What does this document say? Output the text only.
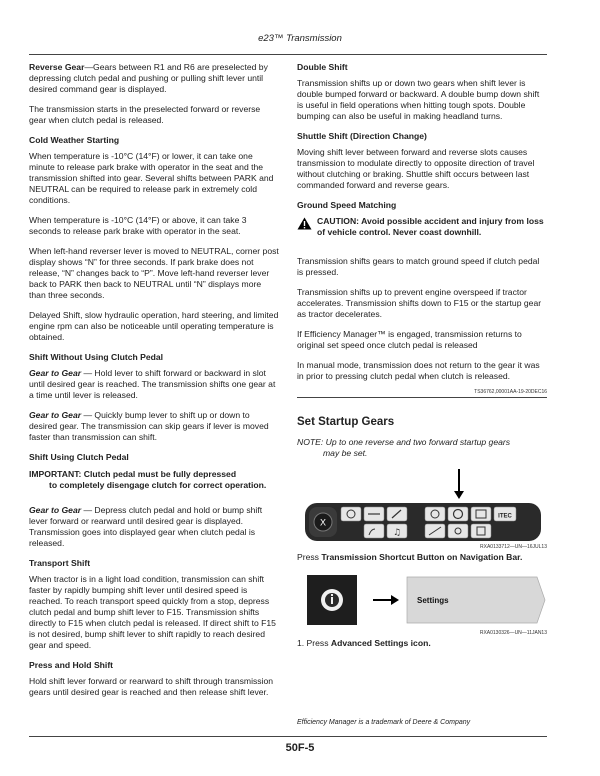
e23™ Transmission

Reverse Gear—Gears between R1 and R6 are preselected by depressing clutch pedal and pushing or pulling shift lever until desired command gear is displayed.

The transmission starts in the preselected forward or reverse gear when clutch pedal is released.

Cold Weather Starting

When temperature is -10°C (14°F) or lower, it can take one minute to release park brake with operator in the seat and the transmission shifted into gear. Several shifts between PARK and NEUTRAL can be required to release park in extremely cold conditions.

When temperature is -10°C (14°F) or above, it can take 3 seconds to release park brake with operator in the seat.

When left-hand reverser lever is moved to NEUTRAL, corner post display shows “N” for three seconds. If park brake does not release, “N” changes back to “P”. Move left-hand reverser lever back to PARK then back to NEUTRAL until “N” displays more than three seconds.

Delayed Shift, slow hydraulic operation, hard steering, and limited engine rpm can also be noticeable until operating temperature is obtained.

Shift Without Using Clutch Pedal

Gear to Gear — Hold lever to shift forward or backward in slot until desired gear is reached. The transmission shifts one gear at a time until lever is released.

Gear to Gear — Quickly bump lever to shift up or down to desired gear. The transmission can skip gears if lever is moved faster than transmission can shift.

Shift Using Clutch Pedal
IMPORTANT: Clutch pedal must be fully depressed
to completely disengage clutch for correct operation.

Gear to Gear — Depress clutch pedal and hold or bump shift lever forward or rearward until desired gear is displayed. Transmission goes into displayed gear when clutch pedal is released.

Transport Shift

When tractor is in a light load condition, transmission can shift faster by rapidly bumping shift lever until desired speed is reached. To reach transport speed quickly from a stop, depress clutch pedal and bump shift lever to F15. Transmission shifts directly to F15 when clutch pedal is released. If direct shift to F15 is not desired, bump shift lever to shift rapidly to reach desired gear and speed.

Press and Hold Shift

Hold shift lever forward or rearward to shift through transmission gears until desired gear is reached and then release shift lever.

Double Shift

Transmission shifts up or down two gears when shift lever is double bumped forward or backward. A double bump down shift is useful in field operations when hitting tough spots. Double bumping can also be useful in making headland turns.

Shuttle Shift (Direction Change)

Moving shift lever between forward and reverse slots causes transmission to modulate directly to opposite direction of travel without clutching or braking. Shuttle shift occurs between last commanded forward and reverse gears.

Ground Speed Matching
CAUTION: Avoid possible accident and injury from loss of vehicle control. Never coast downhill.

Transmission shifts gears to match ground speed if clutch pedal is pressed.

Transmission shifts up to prevent engine overspeed if tractor accelerates. Transmission shifts down to F15 or the startup gear as tractor decelerates.

If Efficiency Manager™ is engaged, transmission returns to original set speed once clutch pedal is released

In manual mode, transmission does not return to the gear it was in prior to pressing clutch pedal when clutch is released.

TS36762,00001AA-19-20DEC16
Set Startup Gears
NOTE: Up to one reverse and two forward startup gears
may be set.
X
ITEC
♫
RXA0133712—UN—16JUL13

Press Transmission Shortcut Button on Navigation Bar.

Settings
RXA0130326—UN—11JAN13

1. Press Advanced Settings icon.

Efficiency Manager is a trademark of Deere & Company
50F-5
